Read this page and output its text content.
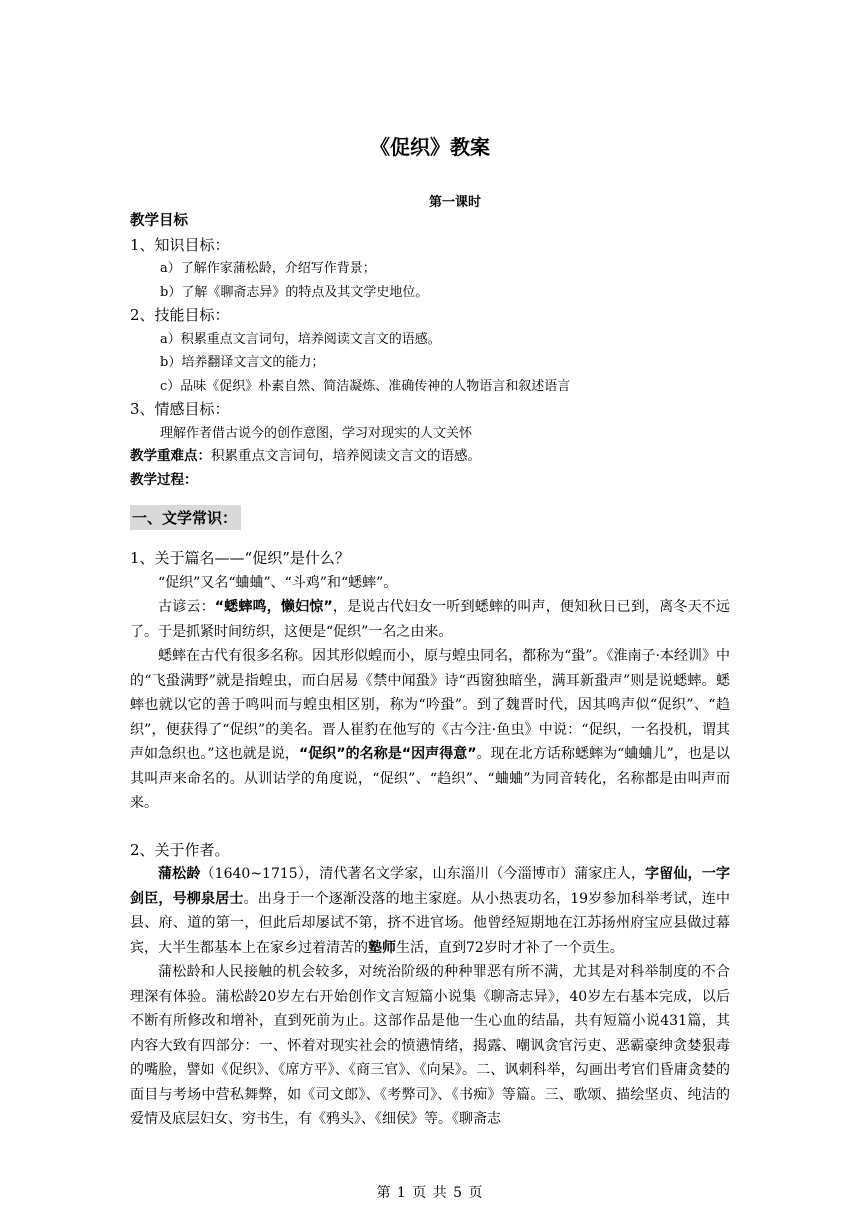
《促织》教案
第一课时
教学目标
1、知识目标：
a）了解作家蒲松龄，介绍写作背景；
b）了解《聊斋志异》的特点及其文学史地位。
2、技能目标：
a）积累重点文言词句，培养阅读文言文的语感。
b）培养翻译文言文的能力；
c）品味《促织》朴素自然、简洁凝炼、准确传神的人物语言和叙述语言
3、情感目标：
理解作者借古说今的创作意图，学习对现实的人文关怀
教学重难点：积累重点文言词句，培养阅读文言文的语感。
教学过程：
一、文学常识：
1、关于篇名——“促织”是什么？
“促织”又名“蛐蛐”、“斗鸡”和“蟋蟀”。
古谚云：“蟋蟀鸣，懒妇惊”，是说古代妇女一听到蟋蟀的叫声，便知秋日已到，离冬天不远了。于是抓紧时间纺织，这便是“促织”一名之由来。
蟋蟀在古代有很多名称。因其形似蝗而小，原与蝗虫同名，都称为“蛩”。《淮南子·本经训》中的“飞蛩满野”就是指蝗虫，而白居易《禁中闻蛩》诗“西窗独暗坐，满耳新蛩声”则是说蟋蟀。蟋蟀也就以它的善于鸣叫而与蝗虫相区别，称为“吟蛩”。到了魏晋时代，因其鸣声似“促织”、“趋织”，便获得了“促织”的美名。晋人崔豹在他写的《古今注·鱼虫》中说：“促织，一名投机，谓其声如急织也。”这也就是说，“促织”的名称是“因声得意”。现在北方话称蟋蟀为“蛐蛐儿”，也是以其叫声来命名的。从训诂学的角度说，“促织”、“趋织”、“蛐蛐”为同音转化，名称都是由叫声而来。
2、关于作者。
蒲松龄（1640~1715），清代著名文学家，山东淄川（今淄博市）蒲家庄人，字留仙，一字剑臣，号柳泉居士。出身于一个逐渐没落的地主家庭。从小热衷功名，19岁参加科举考试，连中县、府、道的第一，但此后却屡试不第，挤不进官场。他曾经短期地在江苏扬州府宝应县做过幕宾，大半生都基本上在家乡过着清苦的塾师生活，直到72岁时才补了一个贡生。
蒲松龄和人民接触的机会较多，对统治阶级的种种罪恶有所不满，尤其是对科举制度的不合理深有体验。蒲松龄20岁左右开始创作文言短篇小说集《聊斋志异》，40岁左右基本完成，以后不断有所修改和增补，直到死前为止。这部作品是他一生心血的结晶，共有短篇小说431篇，其内容大致有四部分：一、怀着对现实社会的愤懑情绪，揭露、嘲讽贪官污吏、恶霸豪绅贪婪狠毒的嘴脸，譬如《促织》、《席方平》、《商三官》、《向杲》。二、讽刺科举，勾画出考官们昏庸贪婪的面目与考场中营私舞弊，如《司文郎》、《考弊司》、《书痴》等篇。三、歌颂、描绘坚贞、纯洁的爱情及底层妇女、穷书生，有《鸦头》、《细侯》等。《聊斋志
第 1 页 共 5 页
